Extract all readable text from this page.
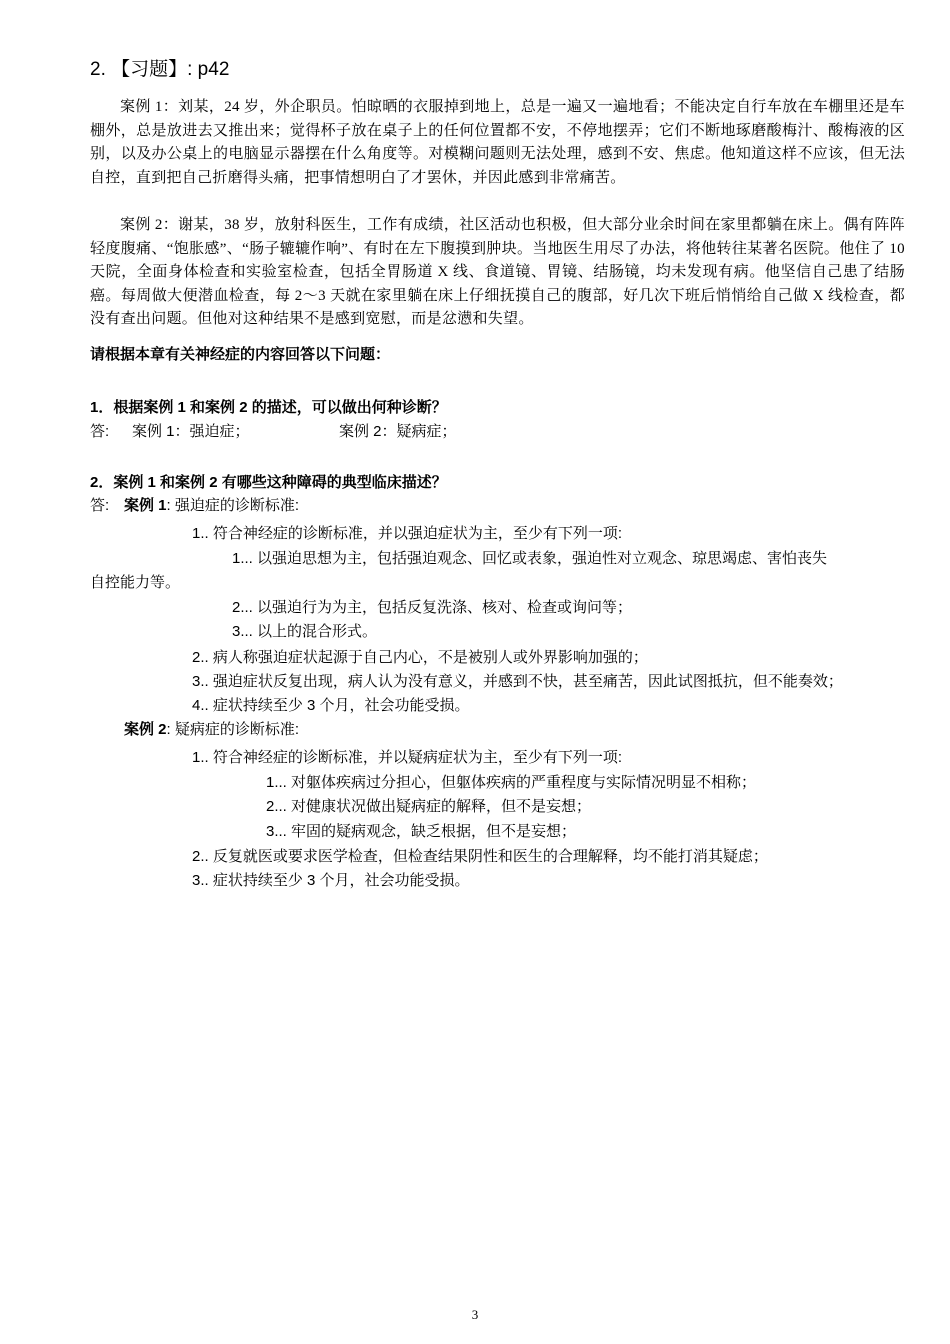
2. 【习题】: p42

案例 1：刘某，24 岁，外企职员。怕晾晒的衣服掉到地上，总是一遍又一遍地看；不能决定自行车放在车棚里还是车棚外，总是放进去又推出来；觉得杯子放在桌子上的任何位置都不安，不停地摆弄；它们不断地琢磨酸梅汁、酸梅液的区别，以及办公桌上的电脑显示器摆在什么角度等。对模糊问题则无法处理，感到不安、焦虑。他知道这样不应该，但无法自控，直到把自己折磨得头痛，把事情想明白了才罢休，并因此感到非常痛苦。

案例 2：谢某，38 岁，放射科医生，工作有成绩，社区活动也积极，但大部分业余时间在家里都躺在床上。偶有阵阵轻度腹痛、“饱胀感”、“肠子辘辘作响”、有时在左下腹摸到肿块。当地医生用尽了办法，将他转往某著名医院。他住了 10 天院，全面身体检查和实验室检查，包括全胃肠道 X 线、食道镜、胃镜、结肠镜，均未发现有病。他坚信自己患了结肠癌。每周做大便潜血检查，每 2～3 天就在家里躺在床上仔细抚摸自己的腹部，好几次下班后悄悄给自己做 X 线检查，都没有查出问题。但他对这种结果不是感到宽慰，而是忿懑和失望。

请根据本章有关神经症的内容回答以下问题：
1．根据案例 1 和案例 2 的描述，可以做出何种诊断？
答: 案例 1：强迫症；	案例 2：疑病症；
2．案例 1 和案例 2 有哪些这种障碍的典型临床描述？
答: 案例 1: 强迫症的诊断标准:
1.. 符合神经症的诊断标准，并以强迫症状为主，至少有下列一项:
1... 以强迫思想为主，包括强迫观念、回忆或表象，强迫性对立观念、琼思竭虑、害怕丧失
自控能力等。
2... 以强迫行为为主，包括反复洗涤、核对、检查或询问等；
3... 以上的混合形式。
2.. 病人称强迫症状起源于自己内心，不是被别人或外界影响加强的；
3.. 强迫症状反复出现，病人认为没有意义，并感到不快，甚至痛苦，因此试图抵抗，但不能奏效；
4.. 症状持续至少 3 个月，社会功能受损。
案例 2: 疑病症的诊断标准:
1.. 符合神经症的诊断标准，并以疑病症状为主，至少有下列一项:
1... 对躯体疾病过分担心，但躯体疾病的严重程度与实际情况明显不相称；
2... 对健康状况做出疑病症的解释，但不是妄想；
3... 牢固的疑病观念，缺乏根据，但不是妄想；
2.. 反复就医或要求医学检查，但检查结果阴性和医生的合理解释，均不能打消其疑虑；
3.. 症状持续至少 3 个月，社会功能受损。
3
